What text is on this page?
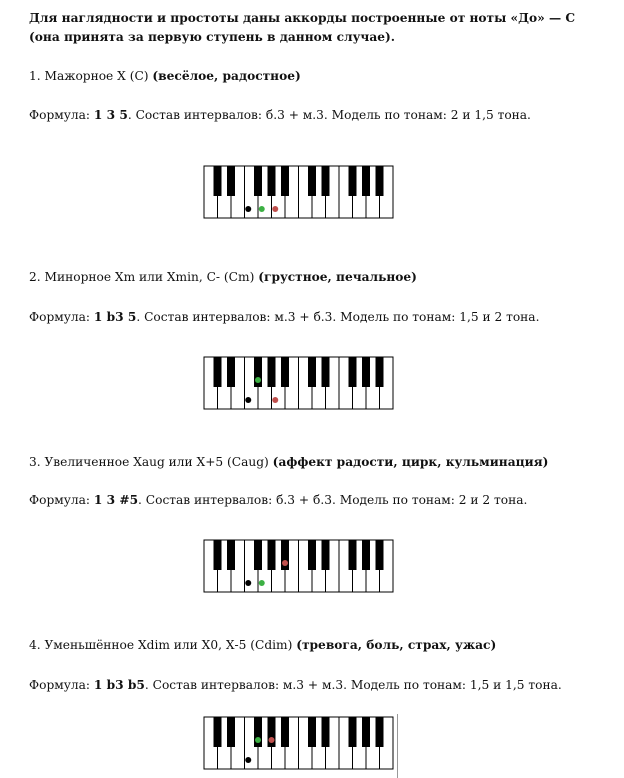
Для наглядности и простоты даны аккорды построенные от ноты «До» — С
(она принята за первую ступень в данном случае).

1. Мажорное Х (С) (весёлое, радостное)

Формула: 1 3 5. Состав интервалов: б.3 + м.3. Модель по тонам: 2 и 1,5 тона.

2. Минорное Хm или Хmin, C- (Cm) (грустное, печальное)

Формула: 1 b3 5. Состав интервалов: м.3 + б.3. Модель по тонам: 1,5 и 2 тона.

3. Увеличенное Хaug или Х+5 (Caug) (аффект радости, цирк, кульминация)

Формула: 1 3 #5. Состав интервалов: б.3 + б.3. Модель по тонам: 2 и 2 тона.

4. Уменьшённое Хdim или Х0, Х-5 (Cdim) (тревога, боль, страх, ужас)

Формула: 1 b3 b5. Состав интервалов: м.3 + м.3. Модель по тонам: 1,5 и 1,5 тона.
